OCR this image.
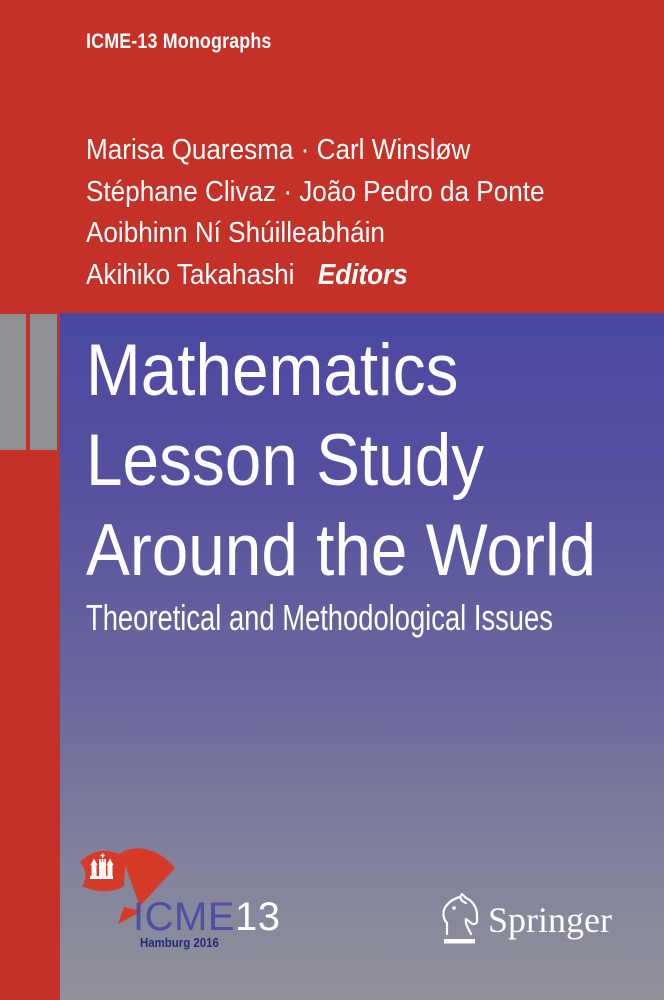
ICME-13 Monographs
Marisa Quaresma · Carl Winsløw
Stéphane Clivaz · João Pedro da Ponte
Aoibhinn Ní Shúilleabháin
Akihiko Takahashi Editors
Mathematics
Lesson Study
Around the World
Theoretical and Methodological Issues
ICME13
Hamburg 2016
Springer
